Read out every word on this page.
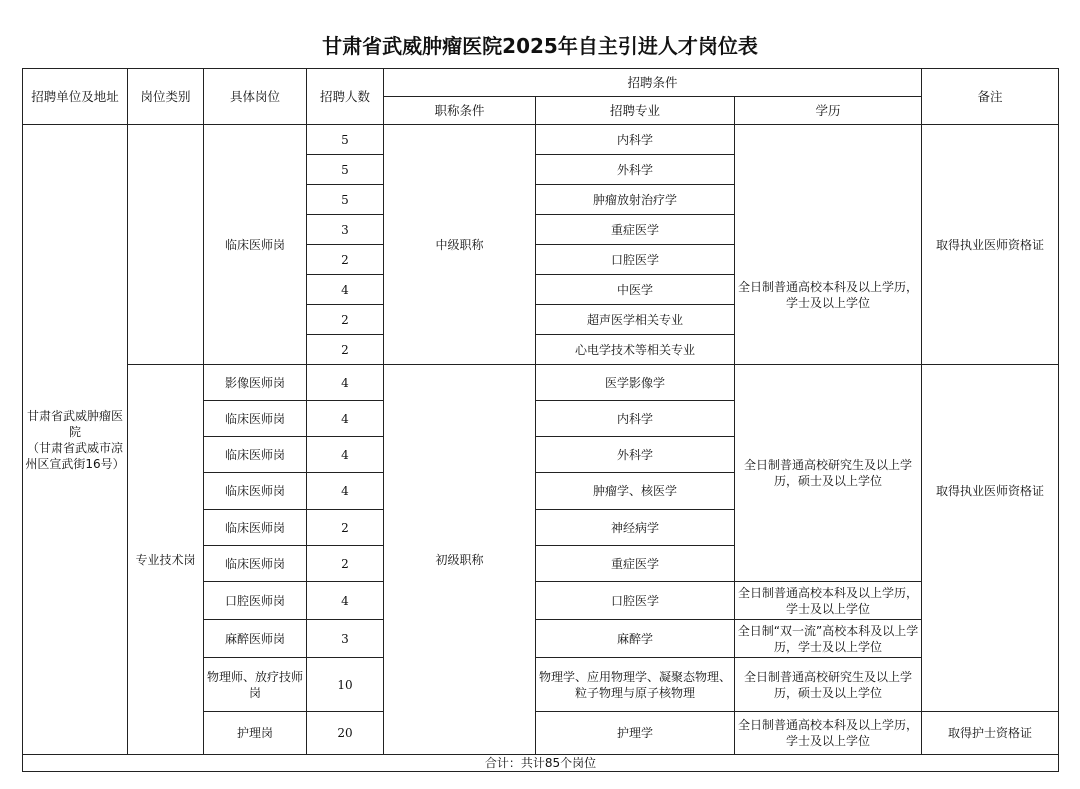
甘肃省武威肿瘤医院2025年自主引进人才岗位表
招聘单位及地址	岗位类别	具体岗位	招聘人数	招聘条件			备注
				职称条件	招聘专业	学历	
甘肃省武威肿瘤医院
（甘肃省武威市凉州区宣武街16号）		临床医师岗	5	中级职称	内科学	全日制普通高校本科及以上学历，学士及以上学位	取得执业医师资格证
			5		外科学		
			5		肿瘤放射治疗学		
			3		重症医学		
			2		口腔医学		
			4		中医学		
			2		超声医学相关专业		
			2		心电学技术等相关专业		
	专业技术岗	影像医师岗	4	初级职称	医学影像学	全日制普通高校研究生及以上学历，硕士及以上学位	取得执业医师资格证
		临床医师岗	4		内科学		
		临床医师岗	4		外科学		
		临床医师岗	4		肿瘤学、核医学		
		临床医师岗	2		神经病学		
		临床医师岗	2		重症医学		
		口腔医师岗	4		口腔医学	全日制普通高校本科及以上学历，学士及以上学位	
		麻醉医师岗	3		麻醉学	全日制“双一流”高校本科及以上学历，学士及以上学位	
		物理师、放疗技师岗	10		物理学、应用物理学、凝聚态物理、粒子物理与原子核物理	全日制普通高校研究生及以上学历，硕士及以上学位	
		护理岗	20		护理学	全日制普通高校本科及以上学历，学士及以上学位	取得护士资格证
合计：共计85个岗位							
